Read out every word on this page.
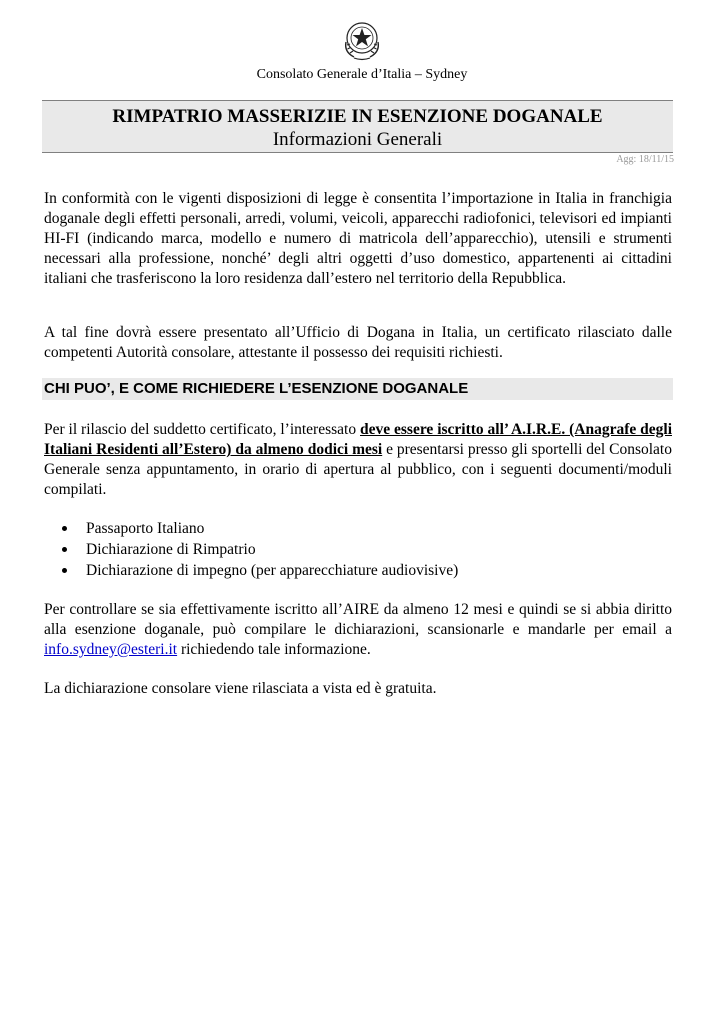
Consolato Generale d’Italia – Sydney
RIMPATRIO MASSERIZIE IN ESENZIONE DOGANALE
Informazioni Generali
Agg: 18/11/15

In conformità con le vigenti disposizioni di legge è consentita l’importazione in Italia in franchigia doganale degli effetti personali, arredi, volumi, veicoli, apparecchi radiofonici, televisori ed impianti HI-FI (indicando marca, modello e numero di matricola dell’apparecchio), utensili e strumenti necessari alla professione, nonché’ degli altri oggetti d’uso domestico, appartenenti ai cittadini italiani che trasferiscono la loro residenza dall’estero nel territorio della Repubblica.

A tal fine dovrà essere presentato all’Ufficio di Dogana in Italia, un certificato rilasciato dalle competenti Autorità consolare, attestante il possesso dei requisiti richiesti.

CHI PUO’, E COME RICHIEDERE L’ESENZIONE DOGANALE

Per il rilascio del suddetto certificato, l’interessato deve essere iscritto all’ A.I.R.E. (Anagrafe degli Italiani Residenti all’Estero) da almeno dodici mesi e presentarsi presso gli sportelli del Consolato Generale senza appuntamento, in orario di apertura al pubblico, con i seguenti documenti/moduli compilati.

Passaporto Italiano
Dichiarazione di Rimpatrio
Dichiarazione di impegno (per apparecchiature audiovisive)

Per controllare se sia effettivamente iscritto all’AIRE da almeno 12 mesi e quindi se si abbia diritto alla esenzione doganale, può compilare le dichiarazioni, scansionarle e mandarle per email a info.sydney@esteri.it richiedendo tale informazione.

La dichiarazione consolare viene rilasciata a vista ed è gratuita.
